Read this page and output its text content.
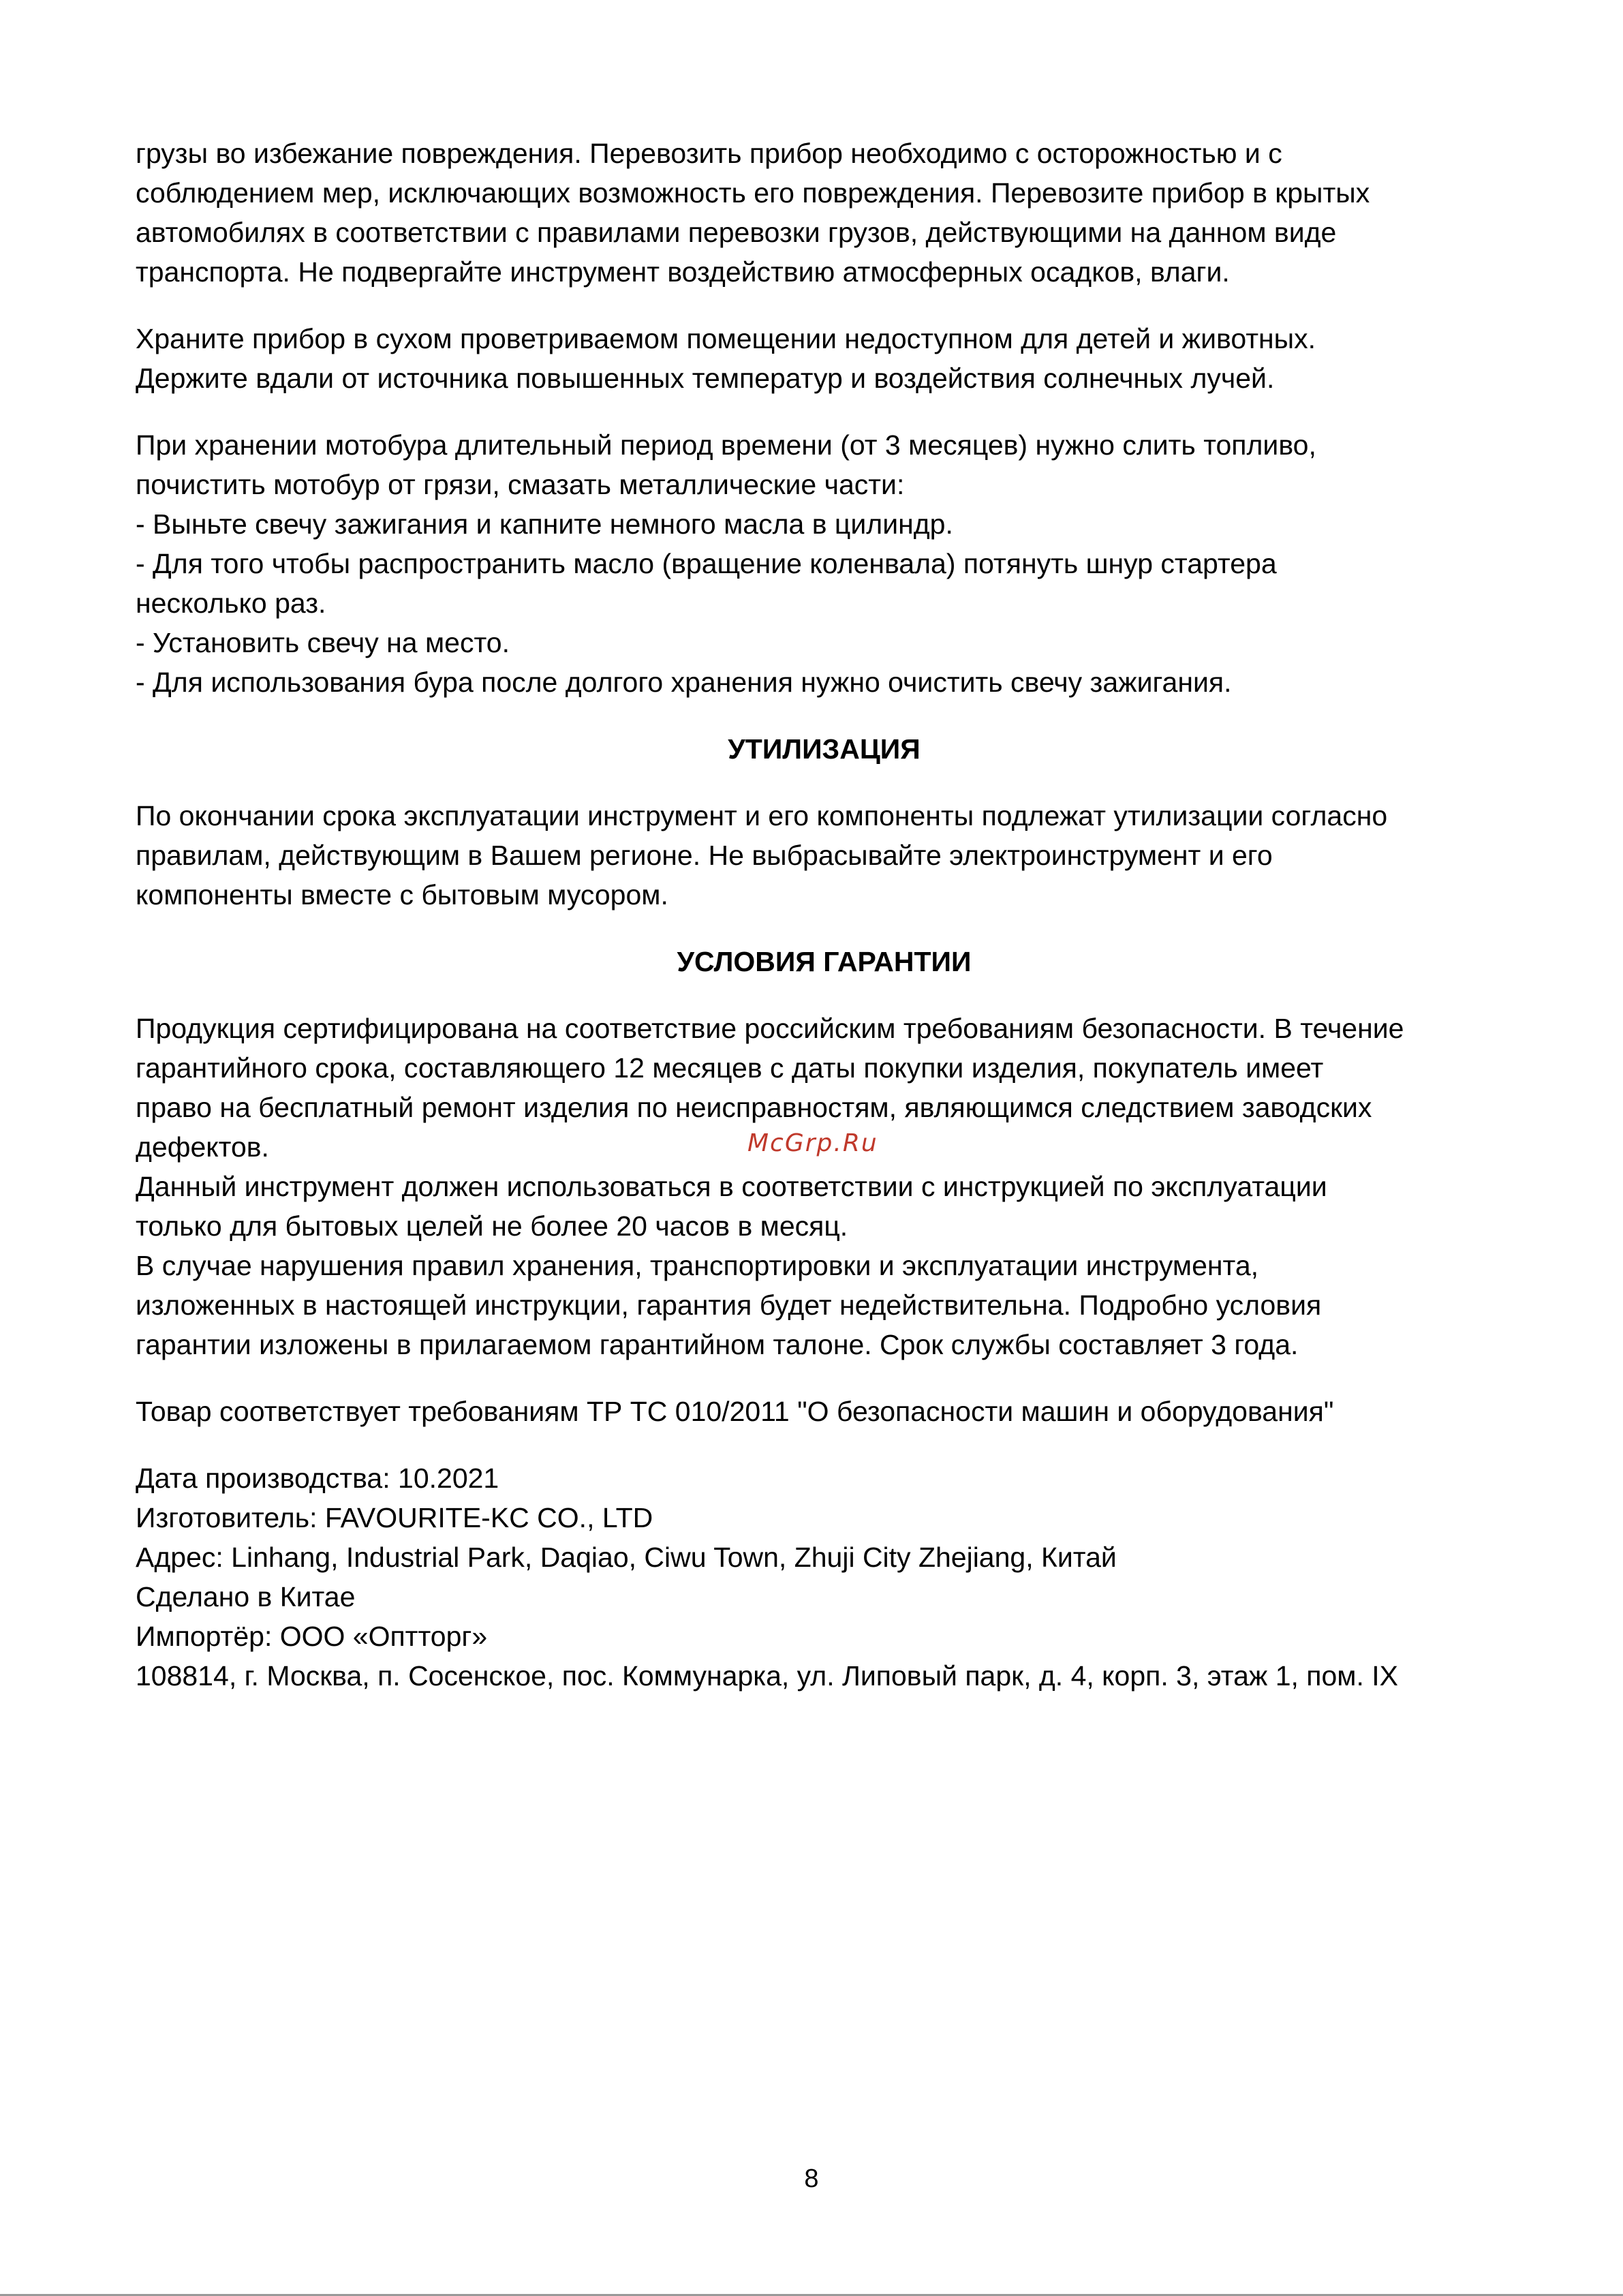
грузы во избежание повреждения. Перевозить прибор необходимо с осторожностью и с
соблюдением мер, исключающих возможность его повреждения. Перевозите прибор в крытых
автомобилях в соответствии с правилами перевозки грузов, действующими на данном виде
транспорта. Не подвергайте инструмент воздействию атмосферных осадков, влаги.
Храните прибор в сухом проветриваемом помещении недоступном для детей и животных.
Держите вдали от источника повышенных температур и воздействия солнечных лучей.
При хранении мотобура длительный период времени (от 3 месяцев) нужно слить топливо,
почистить мотобур от грязи, смазать металлические части:
- Выньте свечу зажигания и капните немного масла в цилиндр.
- Для того чтобы распространить масло (вращение коленвала) потянуть шнур стартера
несколько раз.
- Установить свечу на место.
- Для использования бура после долгого хранения нужно очистить свечу зажигания.
УТИЛИЗАЦИЯ
По окончании срока эксплуатации инструмент и его компоненты подлежат утилизации согласно
правилам, действующим в Вашем регионе. Не выбрасывайте электроинструмент и его
компоненты вместе с бытовым мусором.
УСЛОВИЯ ГАРАНТИИ
Продукция сертифицирована на соответствие российским требованиям безопасности. В течение
гарантийного срока, составляющего 12 месяцев с даты покупки изделия, покупатель имеет
право на бесплатный ремонт изделия по неисправностям, являющимся следствием заводских
дефектов.
Данный инструмент должен использоваться в соответствии с инструкцией по эксплуатации
только для бытовых целей не более 20 часов в месяц.
В случае нарушения правил хранения, транспортировки и эксплуатации инструмента,
изложенных в настоящей инструкции, гарантия будет недействительна. Подробно условия
гарантии изложены в прилагаемом гарантийном талоне. Срок службы составляет 3 года.
Товар соответствует требованиям ТР ТС 010/2011 "О безопасности машин и оборудования"
Дата производства: 10.2021
Изготовитель: FAVOURITE-KC CO., LTD
Адрес: Linhang, Industrial Park, Daqiao, Ciwu Town, Zhuji City Zhejiang, Китай
Сделано в Китае
Импортёр: ООО «Оптторг»
108814, г. Москва, п. Сосенское, пос. Коммунарка, ул. Липовый парк, д. 4, корп. 3, этаж 1, пом. IX
McGrp.Ru
8
